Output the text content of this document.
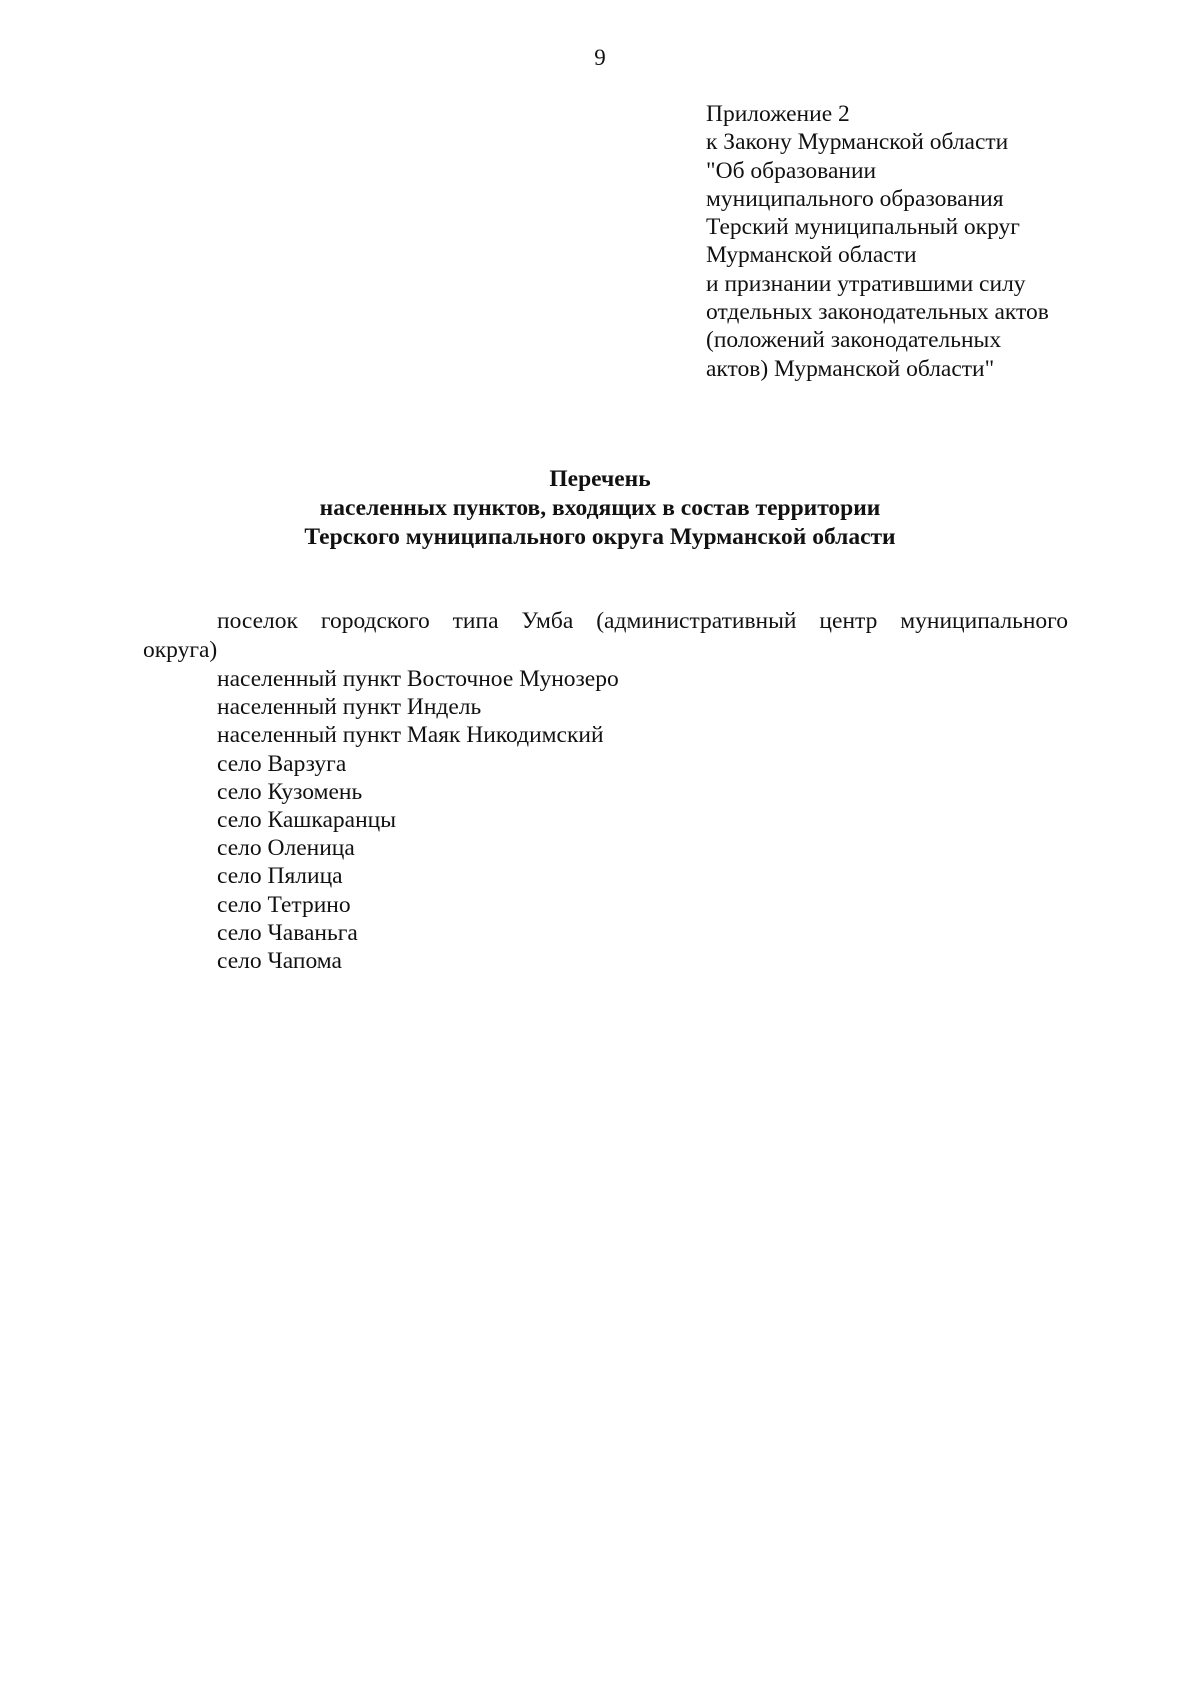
9
Приложение 2
к Закону Мурманской области
"Об образовании
муниципального образования
Терский муниципальный округ
Мурманской области
и признании утратившими силу
отдельных законодательных актов
(положений законодательных
актов) Мурманской области"
Перечень
населенных пунктов, входящих в состав территории
Терского муниципального округа Мурманской области
поселок городского типа Умба (административный центр муниципального
округа)
населенный пункт Восточное Мунозеро
населенный пункт Индель
населенный пункт Маяк Никодимский
село Варзуга
село Кузомень
село Кашкаранцы
село Оленица
село Пялица
село Тетрино
село Чаваньга
село Чапома
